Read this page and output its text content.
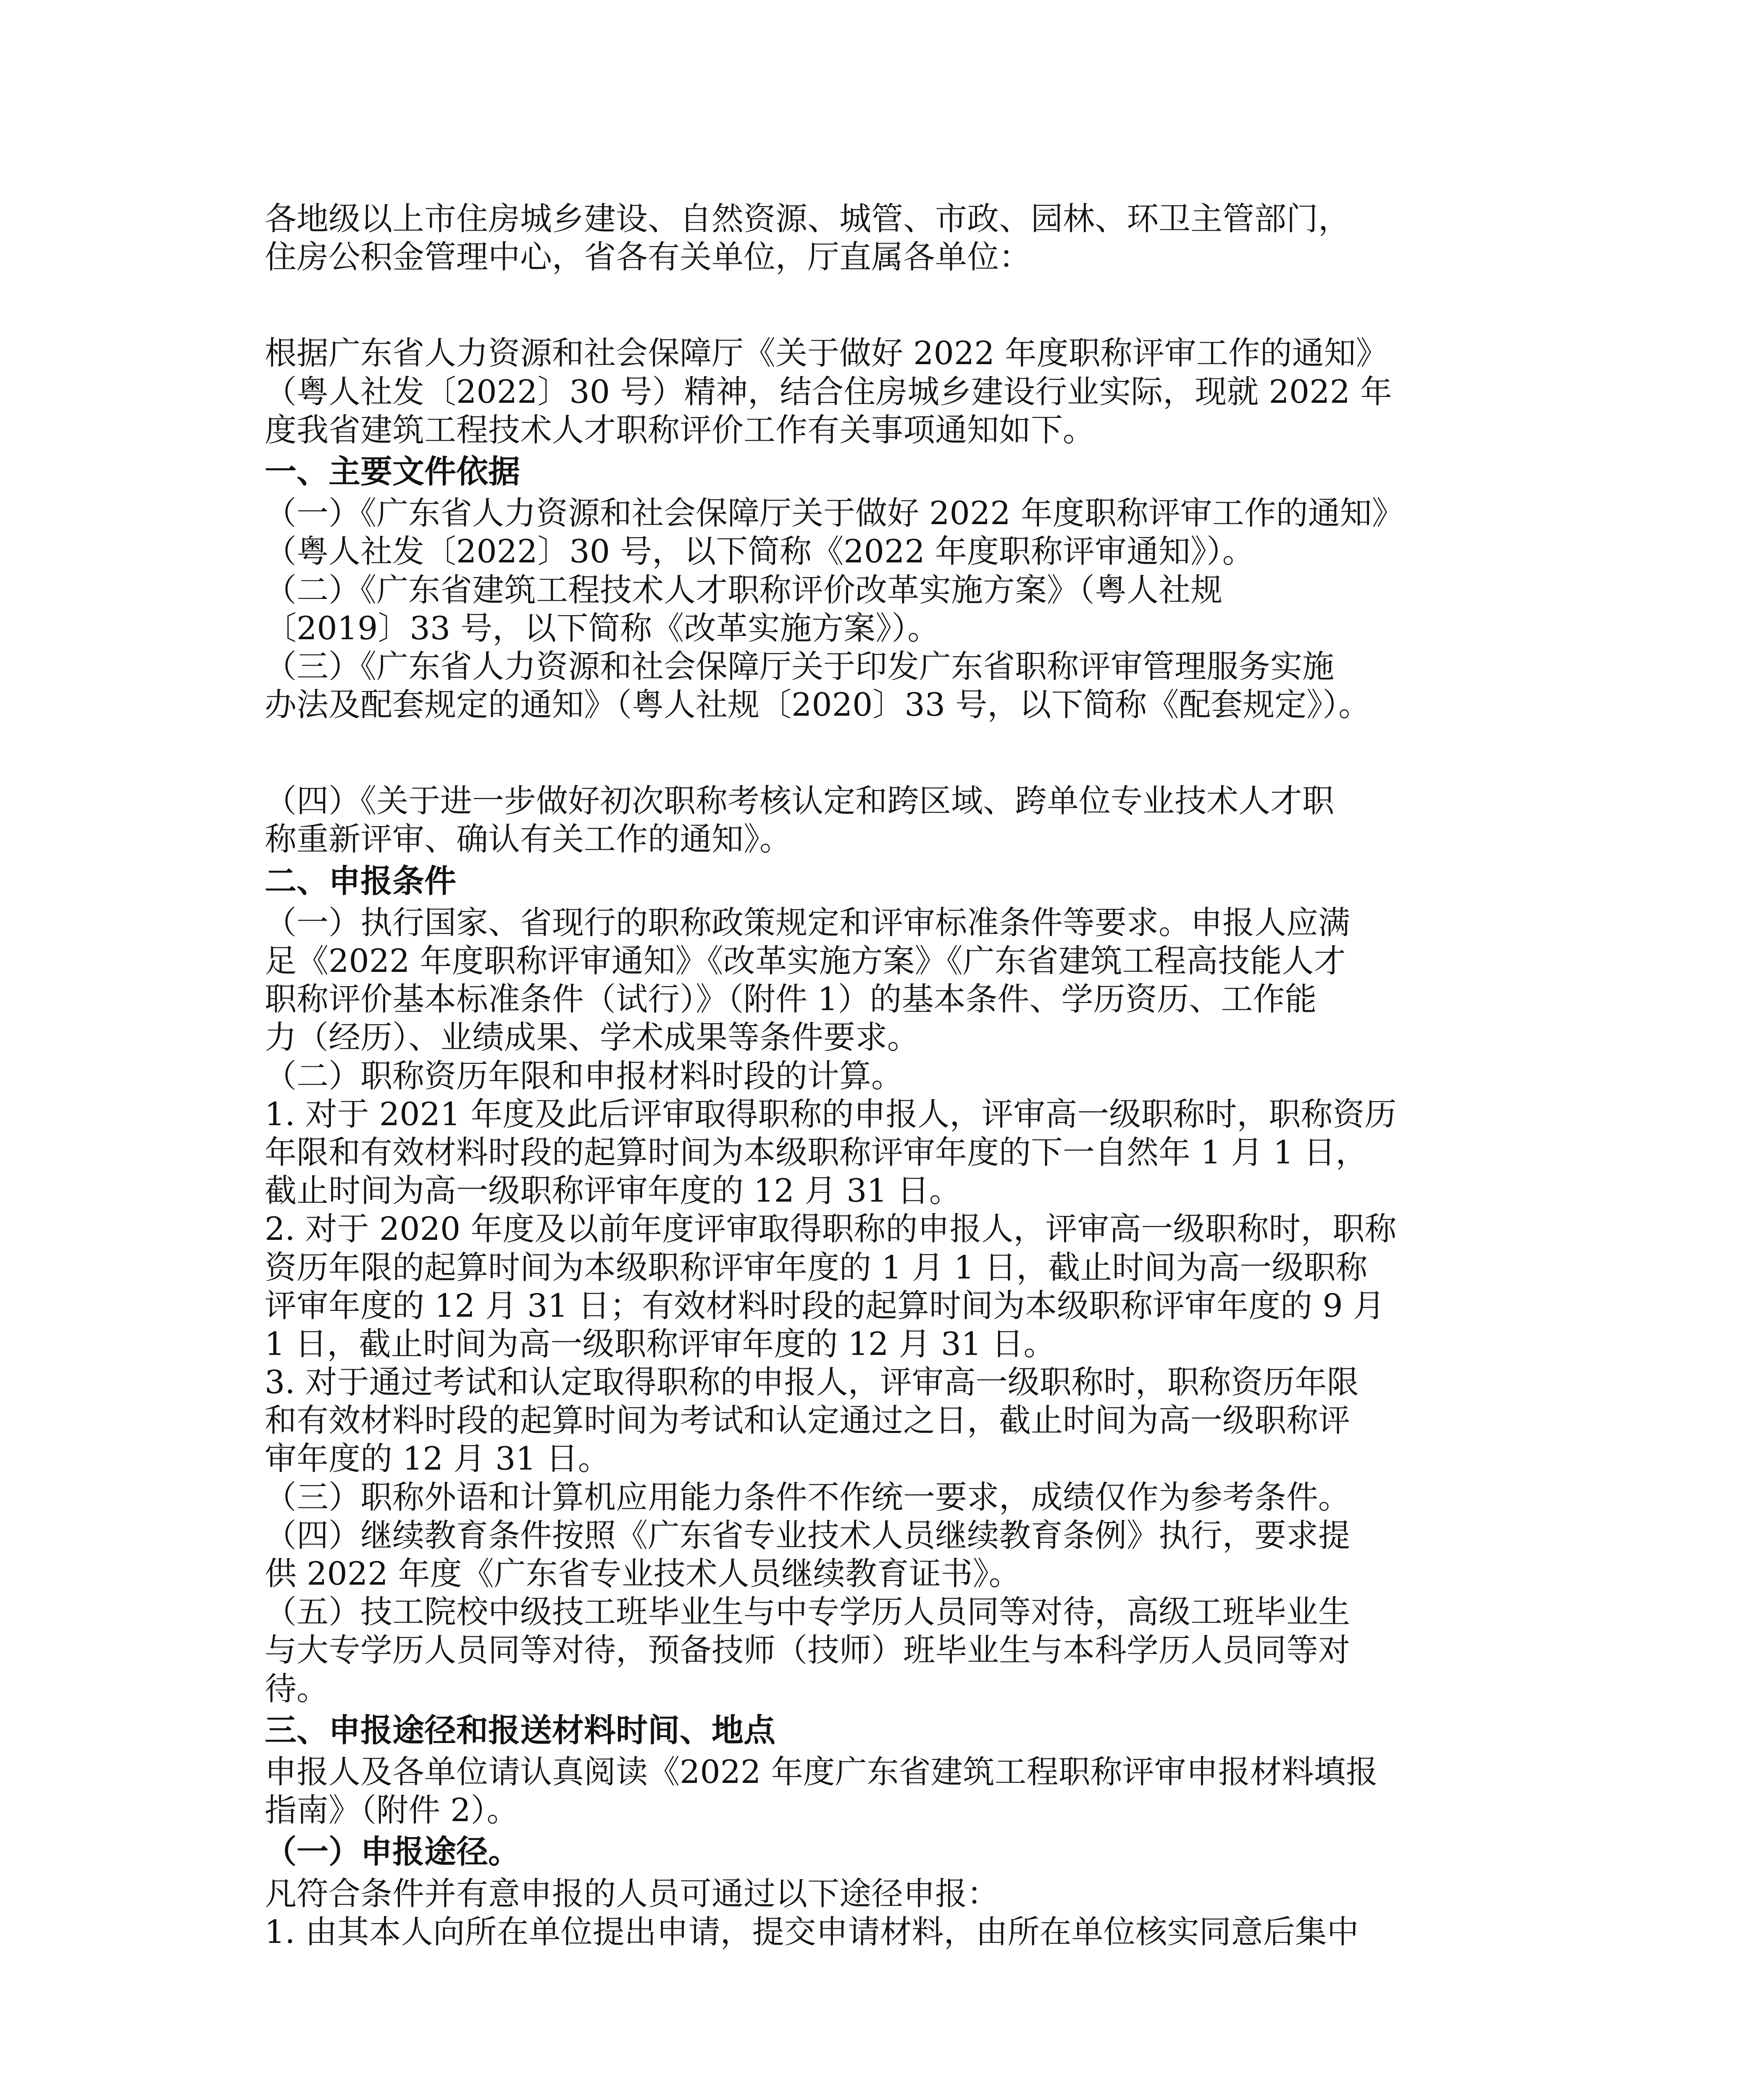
各地级以上市住房城乡建设、自然资源、城管、市政、园林、环卫主管部门，
住房公积金管理中心，省各有关单位，厅直属各单位：
根据广东省人力资源和社会保障厅《关于做好 2022 年度职称评审工作的通知》
（粤人社发〔2022〕30 号）精神，结合住房城乡建设行业实际，现就 2022 年
度我省建筑工程技术人才职称评价工作有关事项通知如下。
一、主要文件依据
（一）《广东省人力资源和社会保障厅关于做好 2022 年度职称评审工作的通知》
（粤人社发〔2022〕30 号，以下简称《2022 年度职称评审通知》）。
（二）《广东省建筑工程技术人才职称评价改革实施方案》（粤人社规
〔2019〕33 号，以下简称《改革实施方案》）。
（三）《广东省人力资源和社会保障厅关于印发广东省职称评审管理服务实施
办法及配套规定的通知》（粤人社规〔2020〕33 号，以下简称《配套规定》）。
（四）《关于进一步做好初次职称考核认定和跨区域、跨单位专业技术人才职
称重新评审、确认有关工作的通知》。
二、申报条件
（一）执行国家、省现行的职称政策规定和评审标准条件等要求。申报人应满
足《2022 年度职称评审通知》《改革实施方案》《广东省建筑工程高技能人才
职称评价基本标准条件（试行）》（附件 1）的基本条件、学历资历、工作能
力（经历）、业绩成果、学术成果等条件要求。
（二）职称资历年限和申报材料时段的计算。
1. 对于 2021 年度及此后评审取得职称的申报人，评审高一级职称时，职称资历
年限和有效材料时段的起算时间为本级职称评审年度的下一自然年 1 月 1 日，
截止时间为高一级职称评审年度的 12 月 31 日。
2. 对于 2020 年度及以前年度评审取得职称的申报人，评审高一级职称时，职称
资历年限的起算时间为本级职称评审年度的 1 月 1 日，截止时间为高一级职称
评审年度的 12 月 31 日；有效材料时段的起算时间为本级职称评审年度的 9 月
1 日，截止时间为高一级职称评审年度的 12 月 31 日。
3. 对于通过考试和认定取得职称的申报人，评审高一级职称时，职称资历年限
和有效材料时段的起算时间为考试和认定通过之日，截止时间为高一级职称评
审年度的 12 月 31 日。
（三）职称外语和计算机应用能力条件不作统一要求，成绩仅作为参考条件。
（四）继续教育条件按照《广东省专业技术人员继续教育条例》执行，要求提
供 2022 年度《广东省专业技术人员继续教育证书》。
（五）技工院校中级技工班毕业生与中专学历人员同等对待，高级工班毕业生
与大专学历人员同等对待，预备技师（技师）班毕业生与本科学历人员同等对
待。
三、申报途径和报送材料时间、地点
申报人及各单位请认真阅读《2022 年度广东省建筑工程职称评审申报材料填报
指南》（附件 2）。
（一）申报途径。
凡符合条件并有意申报的人员可通过以下途径申报：
1. 由其本人向所在单位提出申请，提交申请材料，由所在单位核实同意后集中
